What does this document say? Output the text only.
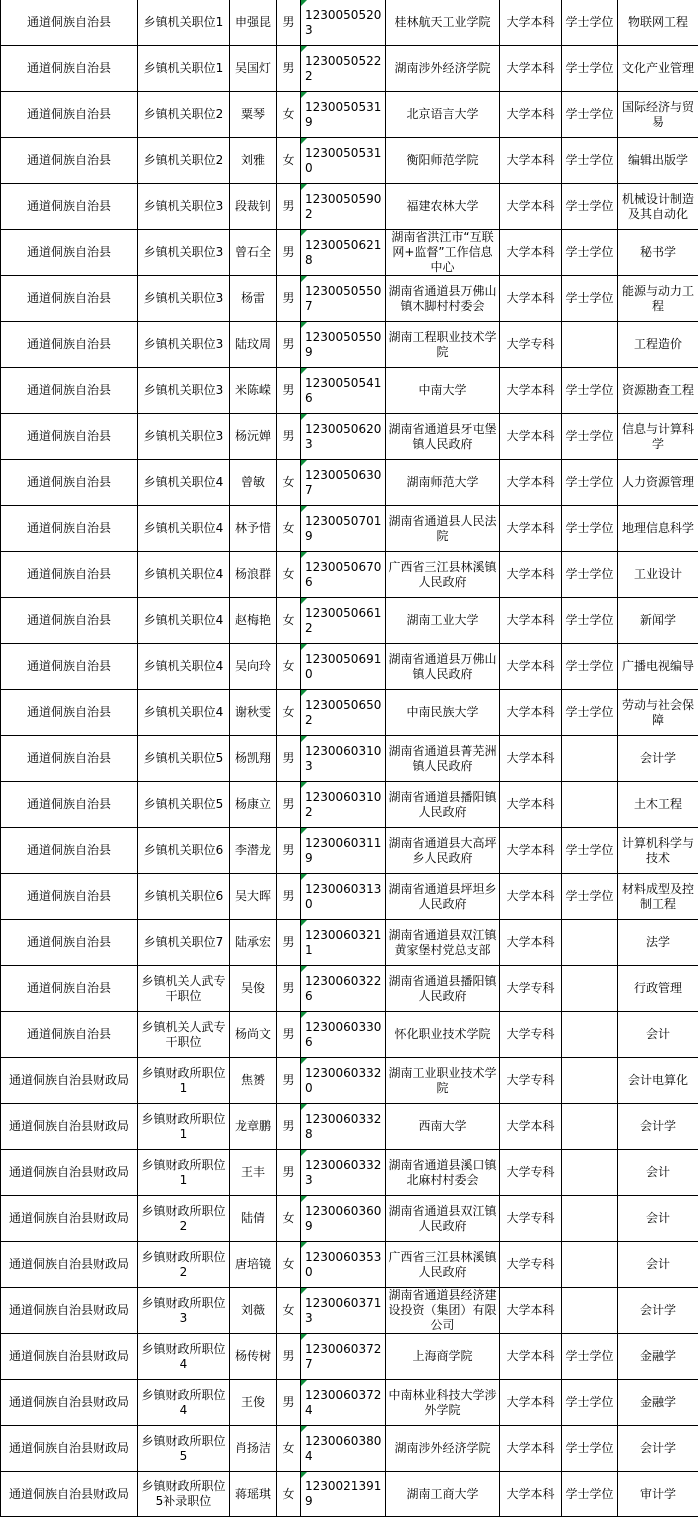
通道侗族自治县	乡镇机关职位1	申强昆	男	12300505203	桂林航天工业学院	大学本科	学士学位	物联网工程
通道侗族自治县	乡镇机关职位1	吴国灯	男	12300505222	湖南涉外经济学院	大学本科	学士学位	文化产业管理
通道侗族自治县	乡镇机关职位2	粟琴	女	12300505319	北京语言大学	大学本科	学士学位	国际经济与贸易
通道侗族自治县	乡镇机关职位2	刘雅	女	12300505310	衡阳师范学院	大学本科	学士学位	编辑出版学
通道侗族自治县	乡镇机关职位3	段裁钊	男	12300505902	福建农林大学	大学本科	学士学位	机械设计制造及其自动化
通道侗族自治县	乡镇机关职位3	曾石全	男	12300506218	湖南省洪江市“互联网+监督”工作信息中心	大学本科	学士学位	秘书学
通道侗族自治县	乡镇机关职位3	杨雷	男	12300505507	湖南省通道县万佛山镇木脚村村委会	大学本科	学士学位	能源与动力工程
通道侗族自治县	乡镇机关职位3	陆玟周	男	12300505509	湖南工程职业技术学院	大学专科		工程造价
通道侗族自治县	乡镇机关职位3	米陈嵘	男	12300505416	中南大学	大学本科	学士学位	资源勘查工程
通道侗族自治县	乡镇机关职位3	杨沅婵	男	12300506203	湖南省通道县牙屯堡镇人民政府	大学本科	学士学位	信息与计算科学
通道侗族自治县	乡镇机关职位4	曾敏	女	12300506307	湖南师范大学	大学本科	学士学位	人力资源管理
通道侗族自治县	乡镇机关职位4	林予惜	女	12300507019	湖南省通道县人民法院	大学本科	学士学位	地理信息科学
通道侗族自治县	乡镇机关职位4	杨浪群	女	12300506706	广西省三江县林溪镇人民政府	大学本科	学士学位	工业设计
通道侗族自治县	乡镇机关职位4	赵梅艳	女	12300506612	湖南工业大学	大学本科	学士学位	新闻学
通道侗族自治县	乡镇机关职位4	吴向玲	女	12300506910	湖南省通道县万佛山镇人民政府	大学本科	学士学位	广播电视编导
通道侗族自治县	乡镇机关职位4	谢秋雯	女	12300506502	中南民族大学	大学本科	学士学位	劳动与社会保障
通道侗族自治县	乡镇机关职位5	杨凯翔	男	12300603103	湖南省通道县菁芜洲镇人民政府	大学本科		会计学
通道侗族自治县	乡镇机关职位5	杨康立	男	12300603102	湖南省通道县播阳镇人民政府	大学本科		土木工程
通道侗族自治县	乡镇机关职位6	李潜龙	男	12300603119	湖南省通道县大高坪乡人民政府	大学本科	学士学位	计算机科学与技术
通道侗族自治县	乡镇机关职位6	吴大晖	男	12300603130	湖南省通道县坪坦乡人民政府	大学本科	学士学位	材料成型及控制工程
通道侗族自治县	乡镇机关职位7	陆承宏	男	12300603211	湖南省通道县双江镇黄家堡村党总支部	大学本科		法学
通道侗族自治县	乡镇机关人武专干职位	吴俊	男	12300603226	湖南省通道县播阳镇人民政府	大学专科		行政管理
通道侗族自治县	乡镇机关人武专干职位	杨尚文	男	12300603306	怀化职业技术学院	大学专科		会计
通道侗族自治县财政局	乡镇财政所职位1	焦赟	男	12300603320	湖南工业职业技术学院	大学专科		会计电算化
通道侗族自治县财政局	乡镇财政所职位1	龙章鹏	男	12300603328	西南大学	大学本科		会计学
通道侗族自治县财政局	乡镇财政所职位1	王丰	男	12300603323	湖南省通道县溪口镇北麻村村委会	大学专科		会计
通道侗族自治县财政局	乡镇财政所职位2	陆倩	女	12300603609	湖南省通道县双江镇人民政府	大学专科		会计
通道侗族自治县财政局	乡镇财政所职位2	唐培镜	女	12300603530	广西省三江县林溪镇人民政府	大学专科		会计
通道侗族自治县财政局	乡镇财政所职位3	刘薇	女	12300603713	湖南省通道县经济建设投资（集团）有限公司	大学本科		会计学
通道侗族自治县财政局	乡镇财政所职位4	杨传树	男	12300603727	上海商学院	大学本科	学士学位	金融学
通道侗族自治县财政局	乡镇财政所职位4	王俊	男	12300603724	中南林业科技大学涉外学院	大学本科	学士学位	金融学
通道侗族自治县财政局	乡镇财政所职位5	肖扬洁	女	12300603804	湖南涉外经济学院	大学本科	学士学位	会计学
通道侗族自治县财政局	乡镇财政所职位5补录职位	蒋瑶琪	女	12300213919	湖南工商大学	大学本科	学士学位	审计学
